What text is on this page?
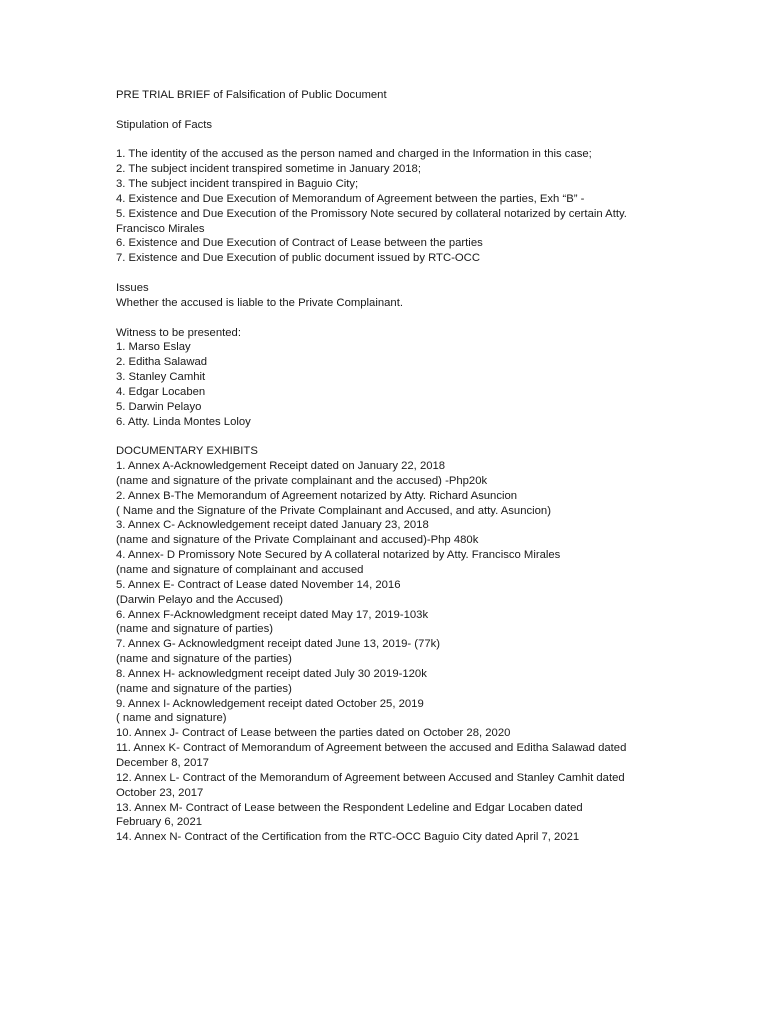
PRE TRIAL BRIEF of Falsification of Public Document

Stipulation of Facts

1. The identity of the accused as the person named and charged in the Information in this case;
2. The subject incident transpired sometime in January 2018;
3. The subject incident transpired in Baguio City;
4. Existence and Due Execution of Memorandum of Agreement between the parties, Exh “B” -
5. Existence and Due Execution of the Promissory Note secured by collateral notarized by certain Atty.
Francisco Mirales
6. Existence and Due Execution of Contract of Lease between the parties
7. Existence and Due Execution of public document issued by RTC-OCC

Issues

Whether the accused is liable to the Private Complainant.

Witness to be presented:

1. Marso Eslay
2. Editha Salawad
3. Stanley Camhit
4. Edgar Locaben
5. Darwin Pelayo
6. Atty. Linda Montes Loloy

DOCUMENTARY EXHIBITS

1. Annex A-Acknowledgement Receipt dated on January 22, 2018
(name and signature of the private complainant and the accused) -Php20k
2. Annex B-The Memorandum of Agreement notarized by Atty. Richard Asuncion
( Name and the Signature of the Private Complainant and Accused, and atty. Asuncion)
3. Annex C- Acknowledgement receipt dated January 23, 2018
(name and signature of the Private Complainant and accused)-Php 480k
4. Annex- D Promissory Note Secured by A collateral notarized by Atty. Francisco Mirales
(name and signature of complainant and accused
5. Annex E- Contract of Lease dated November 14, 2016
(Darwin Pelayo and the Accused)
6. Annex F-Acknowledgment receipt dated May 17, 2019-103k
(name and signature of parties)
7. Annex G- Acknowledgment receipt dated June 13, 2019- (77k)
(name and signature of the parties)
8. Annex H- acknowledgment receipt dated July 30 2019-120k
(name and signature of the parties)
9. Annex I- Acknowledgement receipt dated October 25, 2019
( name and signature)
10. Annex J- Contract of Lease between the parties dated on October 28, 2020
11. Annex K- Contract of Memorandum of Agreement between the accused and Editha Salawad dated
December 8, 2017
12. Annex L- Contract of the Memorandum of Agreement between Accused and Stanley Camhit dated
October 23, 2017
13. Annex M- Contract of Lease between the Respondent Ledeline and Edgar Locaben dated
February 6, 2021
14. Annex N- Contract of the Certification from the RTC-OCC Baguio City dated April 7, 2021
